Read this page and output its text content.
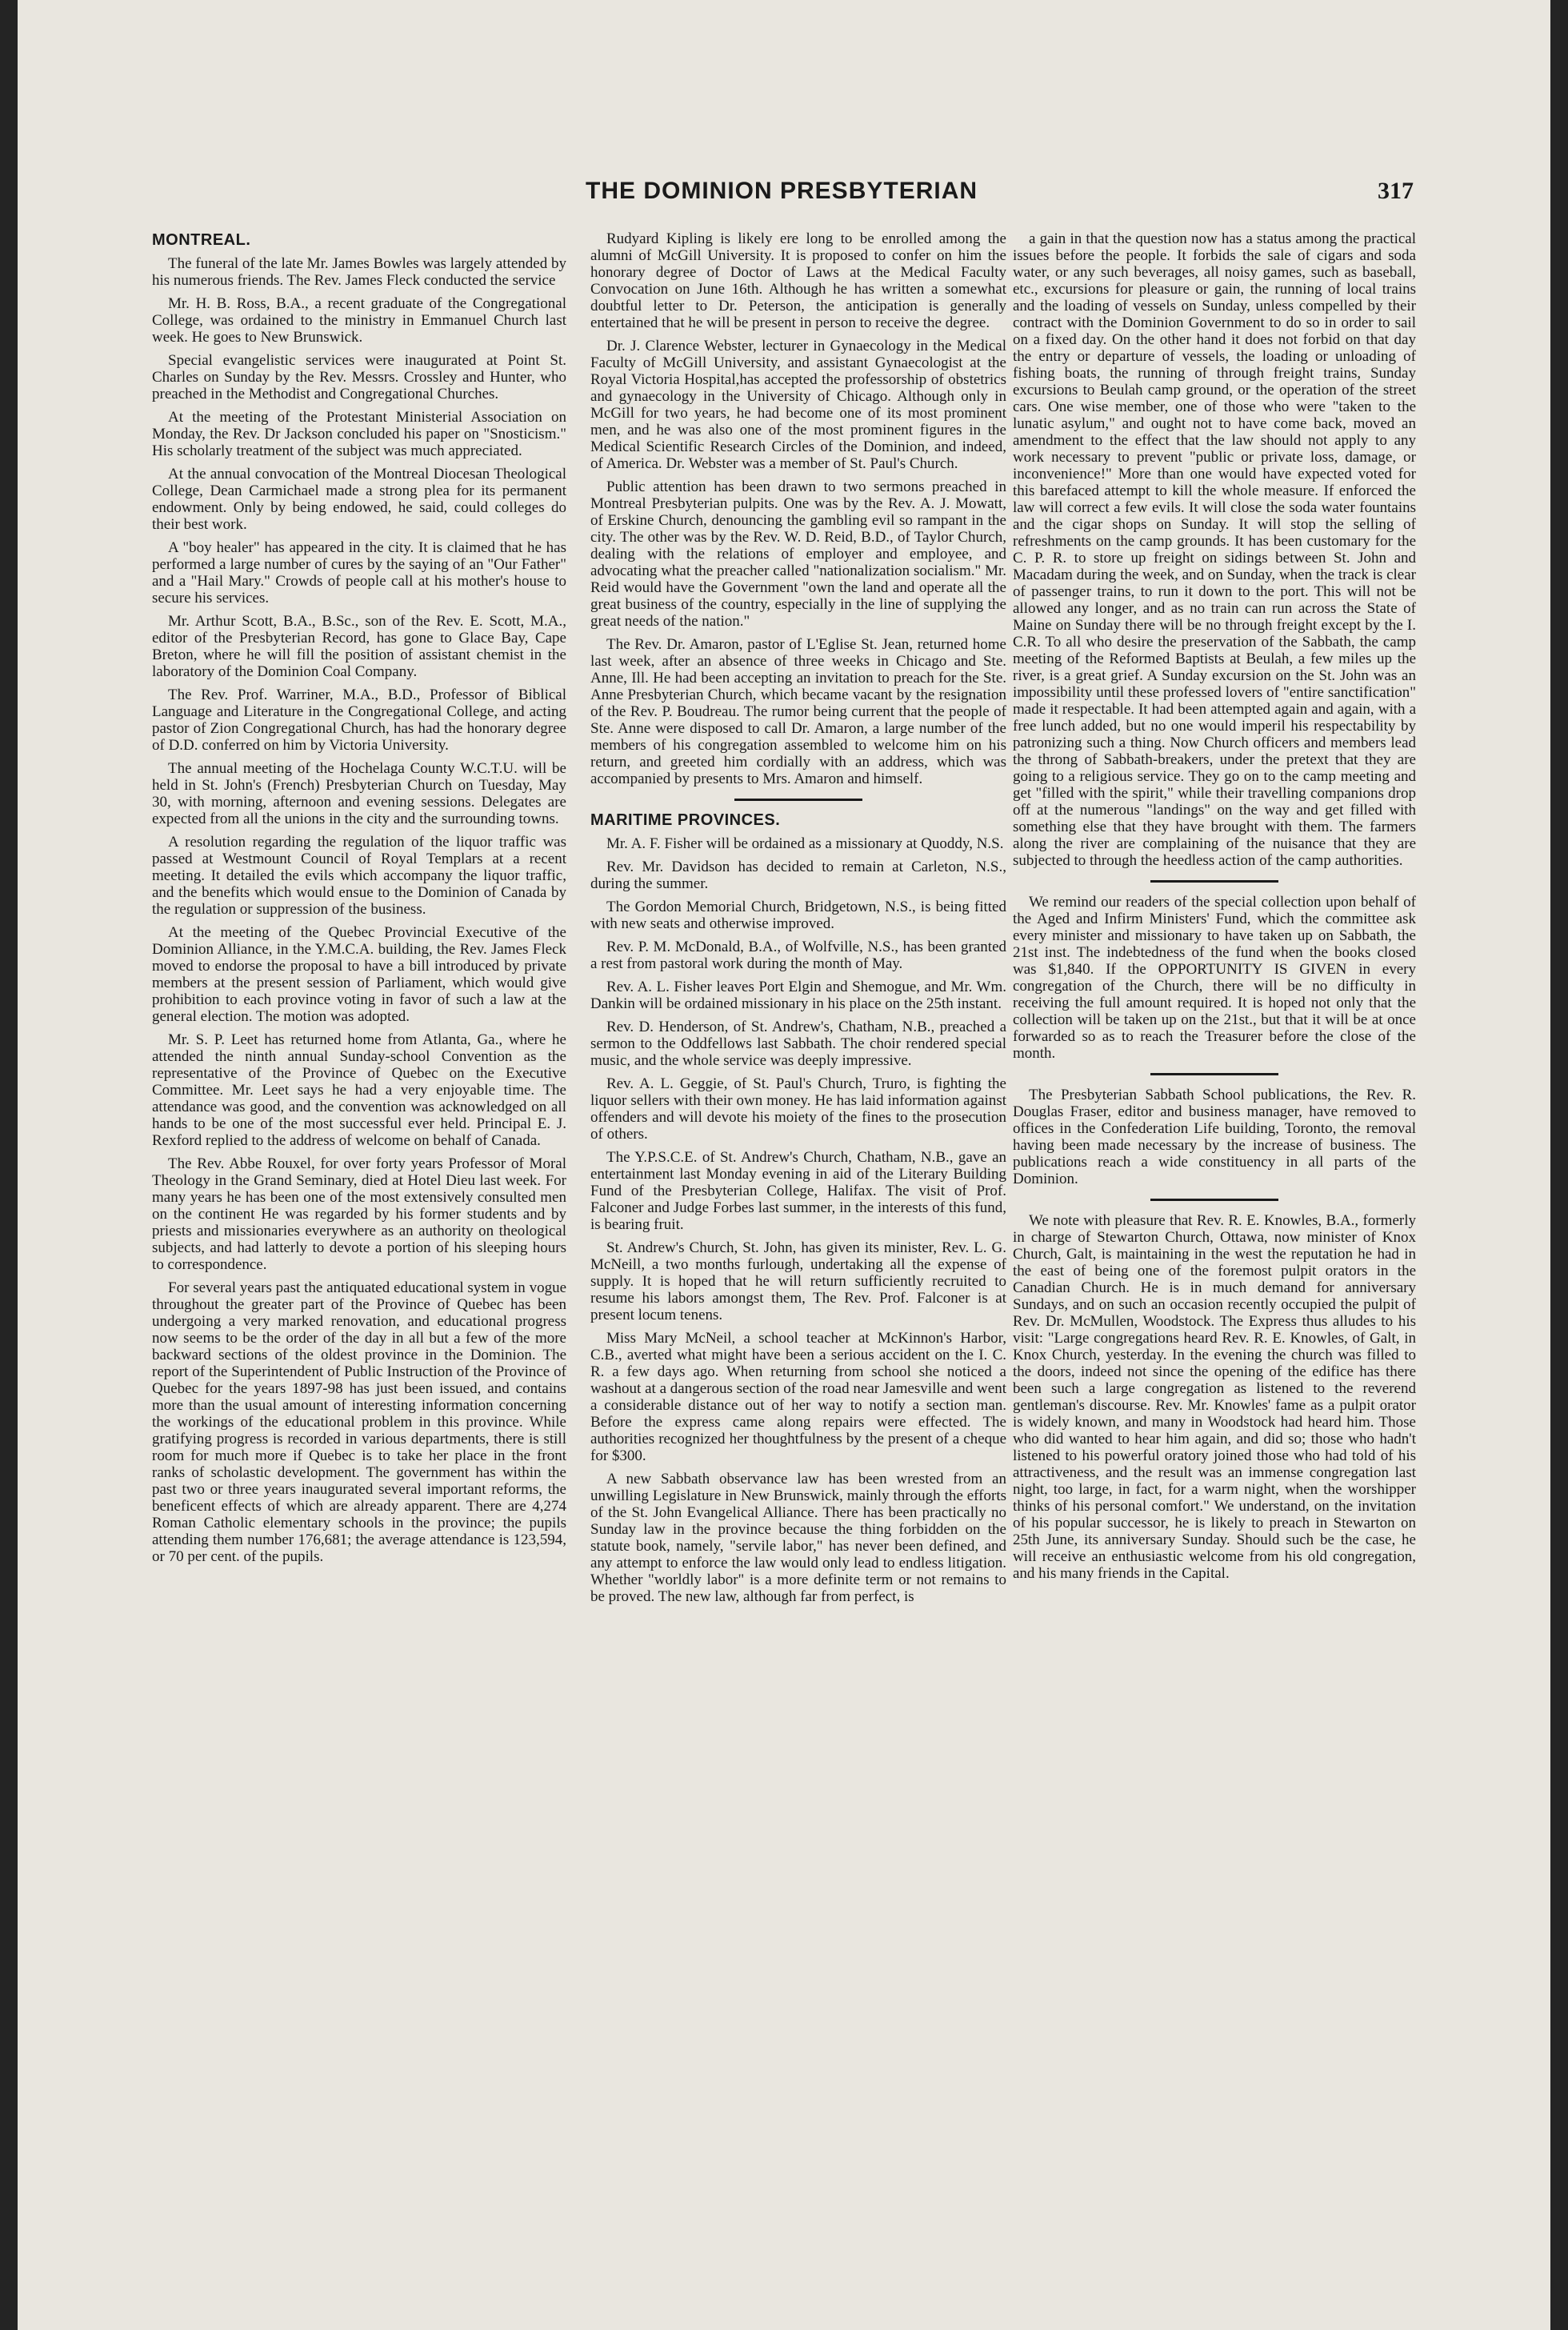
THE DOMINION PRESBYTERIAN	317
MONTREAL.

The funeral of the late Mr. James Bowles was largely attended by his numerous friends. The Rev. James Fleck conducted the service

Mr. H. B. Ross, B.A., a recent graduate of the Congregational College, was ordained to the ministry in Emmanuel Church last week. He goes to New Brunswick.

Special evangelistic services were inaugurated at Point St. Charles on Sunday by the Rev. Messrs. Crossley and Hunter, who preached in the Methodist and Congregational Churches.

At the meeting of the Protestant Ministerial Association on Monday, the Rev. Dr Jackson concluded his paper on "Snosticism." His scholarly treatment of the subject was much appreciated.

At the annual convocation of the Montreal Diocesan Theological College, Dean Carmichael made a strong plea for its permanent endowment. Only by being endowed, he said, could colleges do their best work.

A "boy healer" has appeared in the city. It is claimed that he has performed a large number of cures by the saying of an "Our Father" and a "Hail Mary." Crowds of people call at his mother's house to secure his services.

Mr. Arthur Scott, B.A., B.Sc., son of the Rev. E. Scott, M.A., editor of the Presbyterian Record, has gone to Glace Bay, Cape Breton, where he will fill the position of assistant chemist in the laboratory of the Dominion Coal Company.

The Rev. Prof. Warriner, M.A., B.D., Professor of Biblical Language and Literature in the Congregational College, and acting pastor of Zion Congregational Church, has had the honorary degree of D.D. conferred on him by Victoria University.

The annual meeting of the Hochelaga County W.C.T.U. will be held in St. John's (French) Presbyterian Church on Tuesday, May 30, with morning, afternoon and evening sessions. Delegates are expected from all the unions in the city and the surrounding towns.

A resolution regarding the regulation of the liquor traffic was passed at Westmount Council of Royal Templars at a recent meeting. It detailed the evils which accompany the liquor traffic, and the benefits which would ensue to the Dominion of Canada by the regulation or suppression of the business.

At the meeting of the Quebec Provincial Executive of the Dominion Alliance, in the Y.M.C.A. building, the Rev. James Fleck moved to endorse the proposal to have a bill introduced by private members at the present session of Parliament, which would give prohibition to each province voting in favor of such a law at the general election. The motion was adopted.

Mr. S. P. Leet has returned home from Atlanta, Ga., where he attended the ninth annual Sunday-school Convention as the representative of the Province of Quebec on the Executive Committee. Mr. Leet says he had a very enjoyable time. The attendance was good, and the convention was acknowledged on all hands to be one of the most successful ever held. Principal E. J. Rexford replied to the address of welcome on behalf of Canada.

The Rev. Abbe Rouxel, for over forty years Professor of Moral Theology in the Grand Seminary, died at Hotel Dieu last week. For many years he has been one of the most extensively consulted men on the continent He was regarded by his former students and by priests and missionaries everywhere as an authority on theological subjects, and had latterly to devote a portion of his sleeping hours to correspondence.

For several years past the antiquated educational system in vogue throughout the greater part of the Province of Quebec has been undergoing a very marked renovation, and educational progress now seems to be the order of the day in all but a few of the more backward sections of the oldest province in the Dominion. The report of the Superintendent of Public Instruction of the Province of Quebec for the years 1897-98 has just been issued, and contains more than the usual amount of interesting information concerning the workings of the educational problem in this province. While gratifying progress is recorded in various departments, there is still room for much more if Quebec is to take her place in the front ranks of scholastic development. The government has within the past two or three years inaugurated several important reforms, the beneficent effects of which are already apparent. There are 4,274 Roman Catholic elementary schools in the province; the pupils attending them number 176,681; the average attendance is 123,594, or 70 per cent. of the pupils.

Rudyard Kipling is likely ere long to be enrolled among the alumni of McGill University. It is proposed to confer on him the honorary degree of Doctor of Laws at the Medical Faculty Convocation on June 16th. Although he has written a somewhat doubtful letter to Dr. Peterson, the anticipation is generally entertained that he will be present in person to receive the degree.

Dr. J. Clarence Webster, lecturer in Gynaecology in the Medical Faculty of McGill University, and assistant Gynaecologist at the Royal Victoria Hospital,has accepted the professorship of obstetrics and gynaecology in the University of Chicago. Although only in McGill for two years, he had become one of its most prominent men, and he was also one of the most prominent figures in the Medical Scientific Research Circles of the Dominion, and indeed, of America. Dr. Webster was a member of St. Paul's Church.

Public attention has been drawn to two sermons preached in Montreal Presbyterian pulpits. One was by the Rev. A. J. Mowatt, of Erskine Church, denouncing the gambling evil so rampant in the city. The other was by the Rev. W. D. Reid, B.D., of Taylor Church, dealing with the relations of employer and employee, and advocating what the preacher called "nationalization socialism." Mr. Reid would have the Government "own the land and operate all the great business of the country, especially in the line of supplying the great needs of the nation."

The Rev. Dr. Amaron, pastor of L'Eglise St. Jean, returned home last week, after an absence of three weeks in Chicago and Ste. Anne, Ill. He had been accepting an invitation to preach for the Ste. Anne Presbyterian Church, which became vacant by the resignation of the Rev. P. Boudreau. The rumor being current that the people of Ste. Anne were disposed to call Dr. Amaron, a large number of the members of his congregation assembled to welcome him on his return, and greeted him cordially with an address, which was accompanied by presents to Mrs. Amaron and himself.

MARITIME PROVINCES.

Mr. A. F. Fisher will be ordained as a missionary at Quoddy, N.S.

Rev. Mr. Davidson has decided to remain at Carleton, N.S., during the summer.

The Gordon Memorial Church, Bridgetown, N.S., is being fitted with new seats and otherwise improved.

Rev. P. M. McDonald, B.A., of Wolfville, N.S., has been granted a rest from pastoral work during the month of May.

Rev. A. L. Fisher leaves Port Elgin and Shemogue, and Mr. Wm. Dankin will be ordained missionary in his place on the 25th instant.

Rev. D. Henderson, of St. Andrew's, Chatham, N.B., preached a sermon to the Oddfellows last Sabbath. The choir rendered special music, and the whole service was deeply impressive.

Rev. A. L. Geggie, of St. Paul's Church, Truro, is fighting the liquor sellers with their own money. He has laid information against offenders and will devote his moiety of the fines to the prosecution of others.

The Y.P.S.C.E. of St. Andrew's Church, Chatham, N.B., gave an entertainment last Monday evening in aid of the Literary Building Fund of the Presbyterian College, Halifax. The visit of Prof. Falconer and Judge Forbes last summer, in the interests of this fund, is bearing fruit.

St. Andrew's Church, St. John, has given its minister, Rev. L. G. McNeill, a two months furlough, undertaking all the expense of supply. It is hoped that he will return sufficiently recruited to resume his labors amongst them, The Rev. Prof. Falconer is at present locum tenens.

Miss Mary McNeil, a school teacher at McKinnon's Harbor, C.B., averted what might have been a serious accident on the I. C. R. a few days ago. When returning from school she noticed a washout at a dangerous section of the road near Jamesville and went a considerable distance out of her way to notify a section man. Before the express came along repairs were effected. The authorities recognized her thoughtfulness by the present of a cheque for $300.

A new Sabbath observance law has been wrested from an unwilling Legislature in New Brunswick, mainly through the efforts of the St. John Evangelical Alliance. There has been practically no Sunday law in the province because the thing forbidden on the statute book, namely, "servile labor," has never been defined, and any attempt to enforce the law would only lead to endless litigation. Whether "worldly labor" is a more definite term or not remains to be proved. The new law, although far from perfect, is

a gain in that the question now has a status among the practical issues before the people. It forbids the sale of cigars and soda water, or any such beverages, all noisy games, such as baseball, etc., excursions for pleasure or gain, the running of local trains and the loading of vessels on Sunday, unless compelled by their contract with the Dominion Government to do so in order to sail on a fixed day. On the other hand it does not forbid on that day the entry or departure of vessels, the loading or unloading of fishing boats, the running of through freight trains, Sunday excursions to Beulah camp ground, or the operation of the street cars. One wise member, one of those who were "taken to the lunatic asylum," and ought not to have come back, moved an amendment to the effect that the law should not apply to any work necessary to prevent "public or private loss, damage, or inconvenience!" More than one would have expected voted for this barefaced attempt to kill the whole measure. If enforced the law will correct a few evils. It will close the soda water fountains and the cigar shops on Sunday. It will stop the selling of refreshments on the camp grounds. It has been customary for the C. P. R. to store up freight on sidings between St. John and Macadam during the week, and on Sunday, when the track is clear of passenger trains, to run it down to the port. This will not be allowed any longer, and as no train can run across the State of Maine on Sunday there will be no through freight except by the I. C.R. To all who desire the preservation of the Sabbath, the camp meeting of the Reformed Baptists at Beulah, a few miles up the river, is a great grief. A Sunday excursion on the St. John was an impossibility until these professed lovers of "entire sanctification" made it respectable. It had been attempted again and again, with a free lunch added, but no one would imperil his respectability by patronizing such a thing. Now Church officers and members lead the throng of Sabbath-breakers, under the pretext that they are going to a religious service. They go on to the camp meeting and get "filled with the spirit," while their travelling companions drop off at the numerous "landings" on the way and get filled with something else that they have brought with them. The farmers along the river are complaining of the nuisance that they are subjected to through the heedless action of the camp authorities.

We remind our readers of the special collection upon behalf of the Aged and Infirm Ministers' Fund, which the committee ask every minister and missionary to have taken up on Sabbath, the 21st inst. The indebtedness of the fund when the books closed was $1,840. If the OPPORTUNITY IS GIVEN in every congregation of the Church, there will be no difficulty in receiving the full amount required. It is hoped not only that the collection will be taken up on the 21st., but that it will be at once forwarded so as to reach the Treasurer before the close of the month.

The Presbyterian Sabbath School publications, the Rev. R. Douglas Fraser, editor and business manager, have removed to offices in the Confederation Life building, Toronto, the removal having been made necessary by the increase of business. The publications reach a wide constituency in all parts of the Dominion.

We note with pleasure that Rev. R. E. Knowles, B.A., formerly in charge of Stewarton Church, Ottawa, now minister of Knox Church, Galt, is maintaining in the west the reputation he had in the east of being one of the foremost pulpit orators in the Canadian Church. He is in much demand for anniversary Sundays, and on such an occasion recently occupied the pulpit of Rev. Dr. McMullen, Woodstock. The Express thus alludes to his visit: "Large congregations heard Rev. R. E. Knowles, of Galt, in Knox Church, yesterday. In the evening the church was filled to the doors, indeed not since the opening of the edifice has there been such a large congregation as listened to the reverend gentleman's discourse. Rev. Mr. Knowles' fame as a pulpit orator is widely known, and many in Woodstock had heard him. Those who did wanted to hear him again, and did so; those who hadn't listened to his powerful oratory joined those who had told of his attractiveness, and the result was an immense congregation last night, too large, in fact, for a warm night, when the worshipper thinks of his personal comfort." We understand, on the invitation of his popular successor, he is likely to preach in Stewarton on 25th June, its anniversary Sunday. Should such be the case, he will receive an enthusiastic welcome from his old congregation, and his many friends in the Capital.
